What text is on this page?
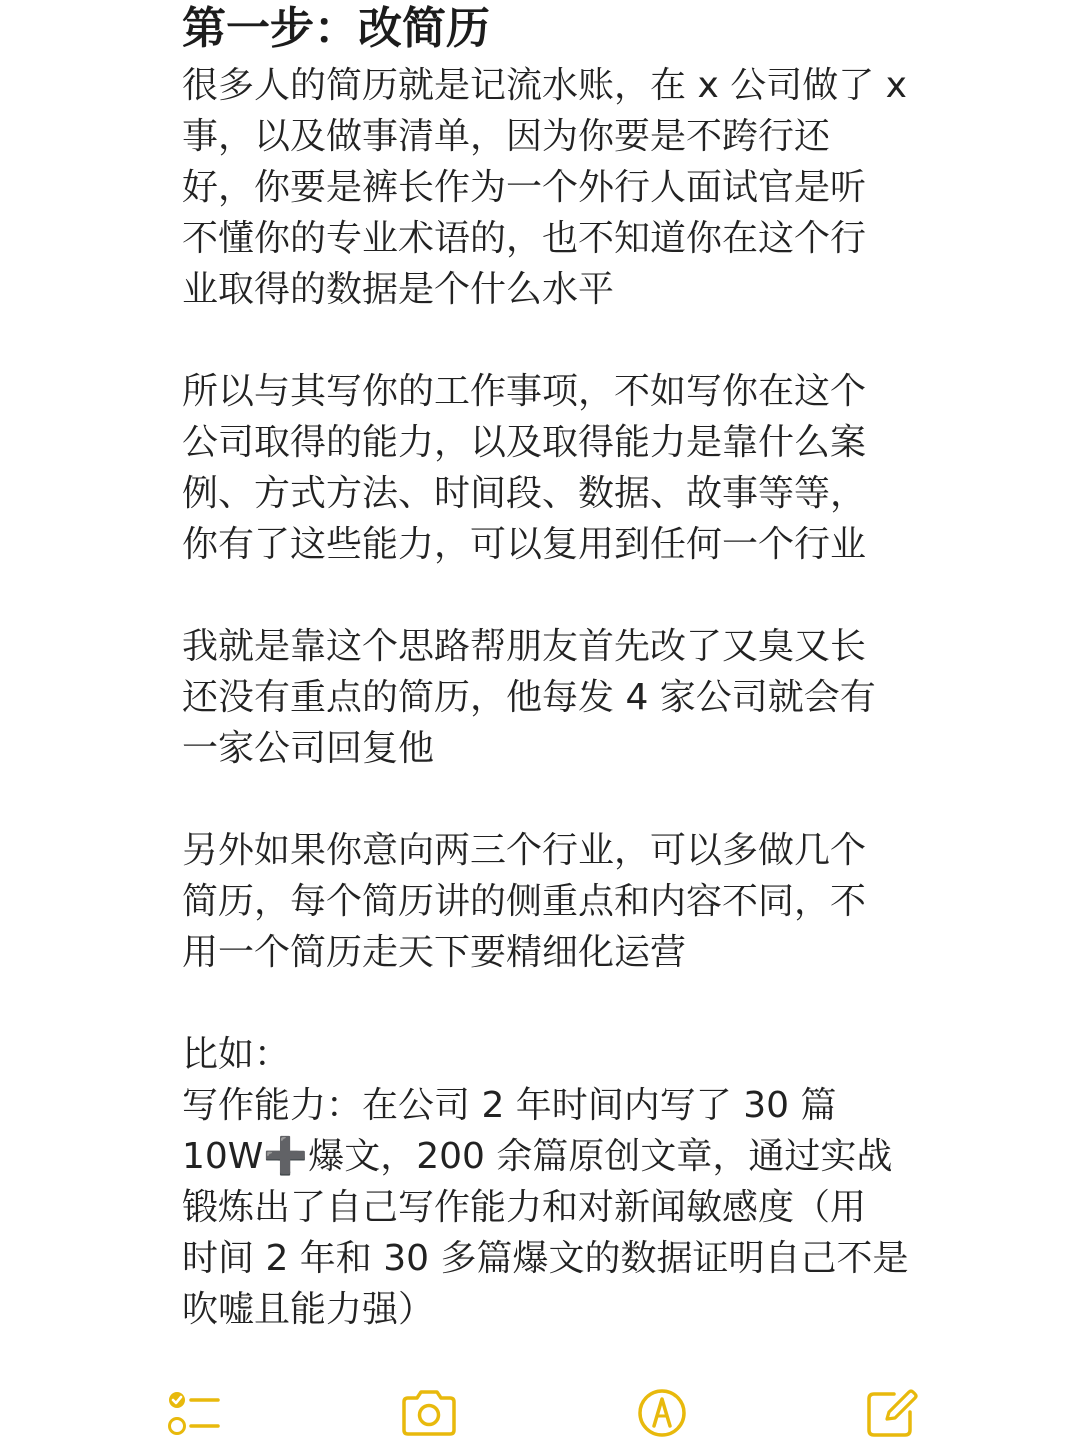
第一步：改简历
很多人的简历就是记流水账，在 x 公司做了 x
事，以及做事清单，因为你要是不跨行还
好，你要是裤长作为一个外行人面试官是听
不懂你的专业术语的，也不知道你在这个行
业取得的数据是个什么水平
所以与其写你的工作事项，不如写你在这个
公司取得的能力，以及取得能力是靠什么案
例、方式方法、时间段、数据、故事等等，
你有了这些能力，可以复用到任何一个行业
我就是靠这个思路帮朋友首先改了又臭又长
还没有重点的简历，他每发 4 家公司就会有
一家公司回复他
另外如果你意向两三个行业，可以多做几个
简历，每个简历讲的侧重点和内容不同，不
用一个简历走天下要精细化运营
比如：
写作能力：在公司 2 年时间内写了 30 篇
10W➕爆文，200 余篇原创文章，通过实战
锻炼出了自己写作能力和对新闻敏感度（用
时间 2 年和 30 多篇爆文的数据证明自己不是
吹嘘且能力强）
